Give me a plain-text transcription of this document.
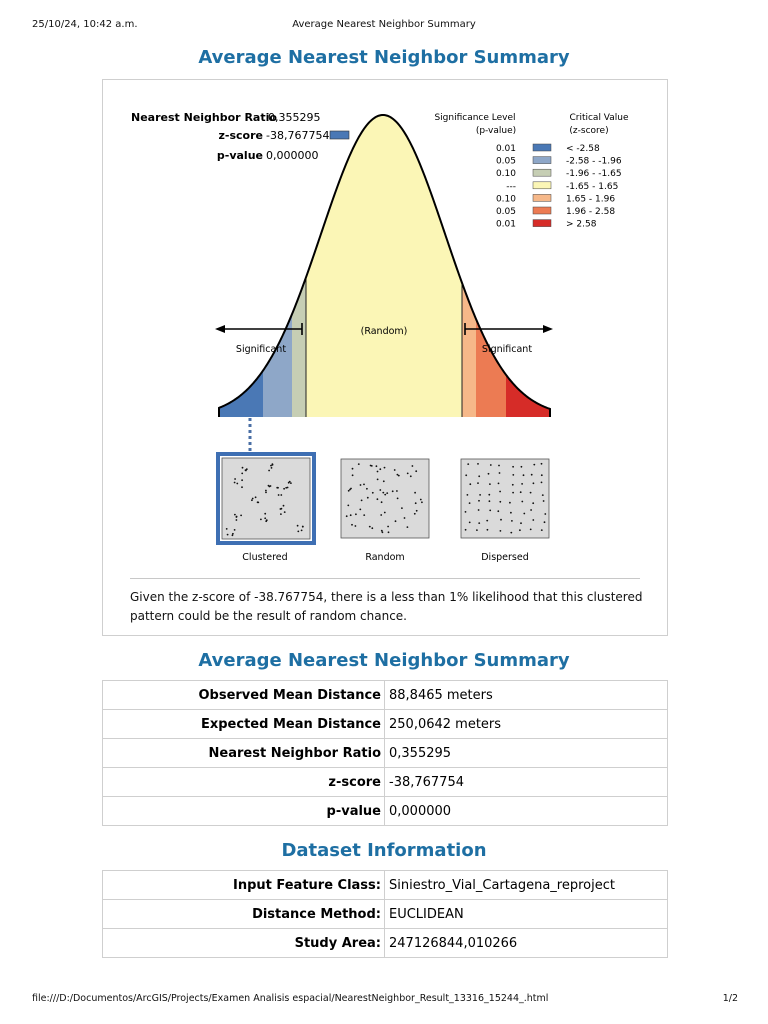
25/10/24, 10:42 a.m.	Average Nearest Neighbor Summary
Average Nearest Neighbor Summary
Nearest Neighbor Ratio
0,355295
z-score -38,767754
p-value 0,000000
Significance Level
(p-value)
Critical Value
(z-score)
0.01	< -2.58
0.05	-2.58 - -1.96
0.10	-1.96 - -1.65
---	-1.65 - 1.65
0.10	1.65 - 1.96
0.05	1.96 - 2.58
0.01	> 2.58
(Random)
Significant	Significant
Clustered	Random	Dispersed
Given the z-score of -38.767754, there is a less than 1% likelihood that this clustered pattern could be the result of random chance.
Average Nearest Neighbor Summary
Observed Mean Distance	88,8465 meters
Expected Mean Distance	250,0642 meters
Nearest Neighbor Ratio	0,355295
z-score	-38,767754
p-value	0,000000
Dataset Information
Input Feature Class:	Siniestro_Vial_Cartagena_reproject
Distance Method:	EUCLIDEAN
Study Area:	247126844,010266
file:///D:/Documentos/ArcGIS/Projects/Examen Analisis espacial/NearestNeighbor_Result_13316_15244_.html	1/2
